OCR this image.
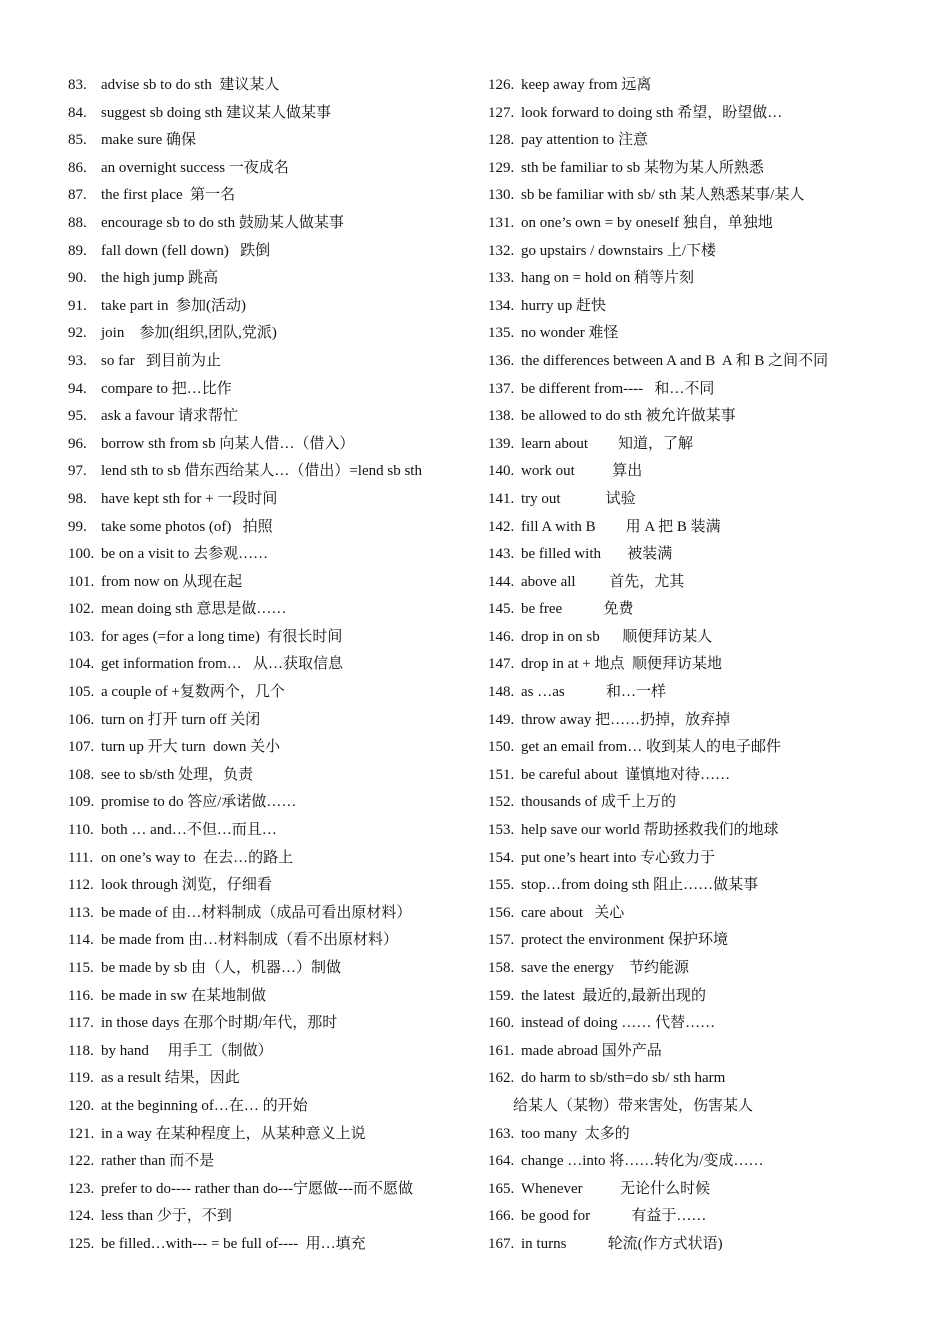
83. advise sb to do sth  建议某人
84. suggest sb doing sth 建议某人做某事
85. make sure 确保
86. an overnight success 一夜成名
87. the first place  第一名
88. encourage sb to do sth 鼓励某人做某事
89. fall down (fell down)   跌倒
90. the high jump 跳高
91. take part in  参加(活动)
92. join    参加(组织,团队,党派)
93. so far   到目前为止
94. compare to 把…比作
95. ask a favour 请求帮忙
96. borrow sth from sb 向某人借…（借入）
97. lend sth to sb 借东西给某人…（借出）=lend sb sth
98. have kept sth for + 一段时间
99. take some photos (of)   拍照
100. be on a visit to 去参观……
101. from now on 从现在起
102. mean doing sth 意思是做……
103. for ages (=for a long time)  有很长时间
104. get information from…   从…获取信息
105. a couple of +复数两个，几个
106. turn on 打开 turn off 关闭
107. turn up 开大 turn  down 关小
108. see to sb/sth 处理，负责
109. promise to do 答应/承诺做……
110. both … and…不但…而且…
111. on one’s way to  在去…的路上
112. look through 浏览，仔细看
113. be made of 由…材料制成（成品可看出原材料）
114. be made from 由…材料制成（看不出原材料）
115. be made by sb 由（人，机器…）制做
116. be made in sw 在某地制做
117. in those days 在那个时期/年代，那时
118. by hand     用手工（制做）
119. as a result 结果，因此
120. at the beginning of…在… 的开始
121. in a way 在某种程度上，从某种意义上说
122. rather than 而不是
123. prefer to do---- rather than do---宁愿做---而不愿做
124. less than 少于，不到
125. be filled…with--- = be full of----  用…填充
126. keep away from 远离
127. look forward to doing sth 希望，盼望做…
128. pay attention to 注意
129. sth be familiar to sb 某物为某人所熟悉
130. sb be familiar with sb/ sth 某人熟悉某事/某人
131. on one’s own = by oneself 独自，单独地
132. go upstairs / downstairs 上/下楼
133. hang on = hold on 稍等片刻
134. hurry up 赶快
135. no wonder 难怪
136. the differences between A and B  A 和 B 之间不同
137. be different from----   和…不同
138. be allowed to do sth 被允许做某事
139. learn about        知道，了解
140. work out          算出
141. try out            试验
142. fill A with B        用 A 把 B 装满
143. be filled with       被装满
144. above all         首先，尤其
145. be free           免费
146. drop in on sb      顺便拜访某人
147. drop in at + 地点  顺便拜访某地
148. as …as           和…一样
149. throw away 把……扔掉，放弃掉
150. get an email from… 收到某人的电子邮件
151. be careful about  谨慎地对待……
152. thousands of 成千上万的
153. help save our world 帮助拯救我们的地球
154. put one’s heart into 专心致力于
155. stop…from doing sth 阻止……做某事
156. care about   关心
157. protect the environment 保护环境
158. save the energy    节约能源
159. the latest  最近的,最新出现的
160. instead of doing …… 代替……
161. made abroad 国外产品
162. do harm to sb/sth=do sb/ sth harm
给某人（某物）带来害处，伤害某人
163. too many  太多的
164. change …into 将……转化为/变成……
165. Whenever          无论什么时候
166. be good for           有益于……
167. in turns           轮流(作方式状语)
